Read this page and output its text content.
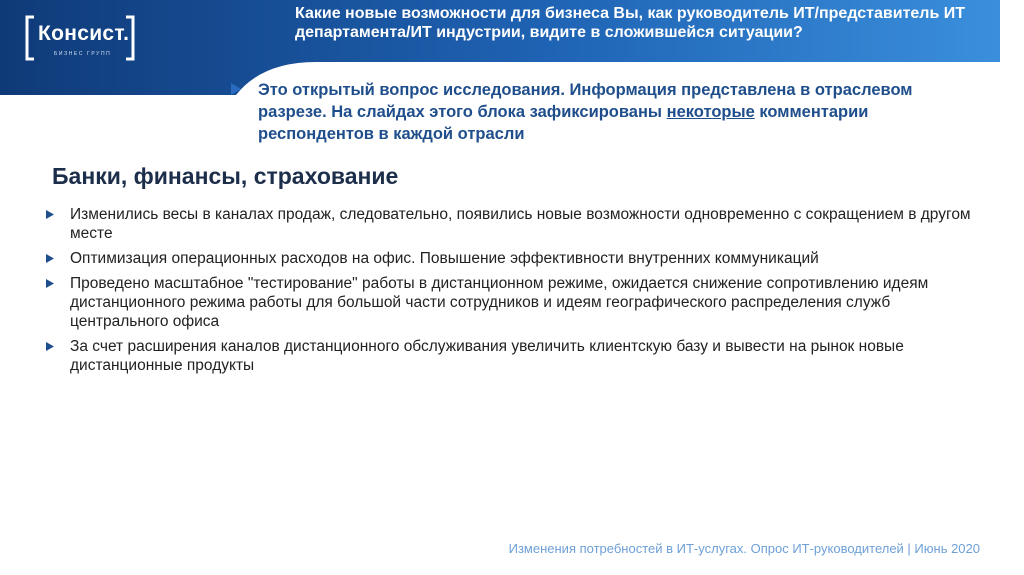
Консист.
БИЗНЕС ГРУПП
Какие новые возможности для бизнеса Вы, как руководитель ИТ/представитель ИТ департамента/ИТ индустрии, видите в сложившейся ситуации?
Это открытый вопрос исследования. Информация представлена в отраслевом разрезе. На слайдах этого блока зафиксированы некоторые комментарии респондентов в каждой отрасли
Банки, финансы, страхование
Изменились весы в каналах продаж, следовательно, появились новые возможности одновременно с сокращением в другом месте
Оптимизация операционных расходов на офис. Повышение эффективности внутренних коммуникаций
Проведено масштабное "тестирование" работы в дистанционном режиме, ожидается снижение сопротивлению идеям дистанционного режима работы для большой части сотрудников и идеям географического распределения служб центрального офиса
За счет расширения каналов дистанционного обслуживания увеличить клиентскую базу и вывести на рынок новые дистанционные продукты
Изменения потребностей в ИТ-услугах. Опрос ИТ-руководителей | Июнь 2020
